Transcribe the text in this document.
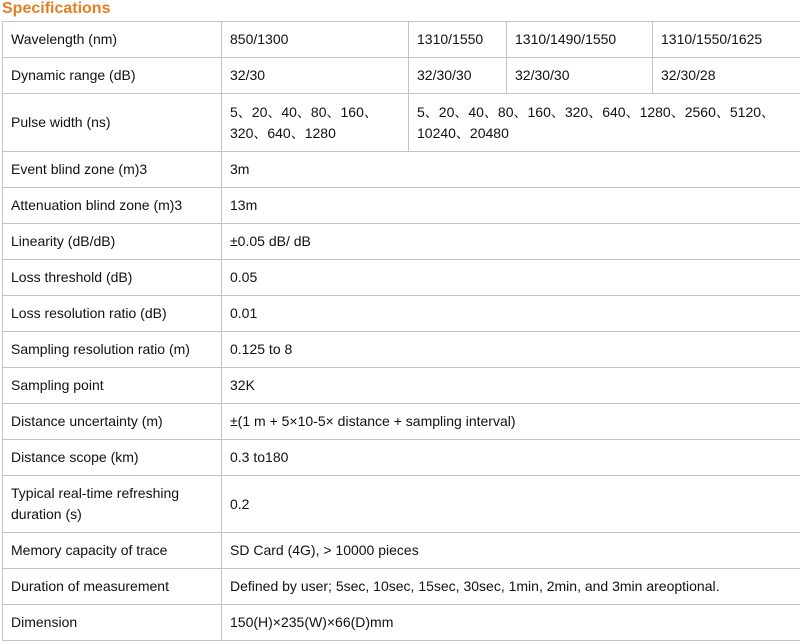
Specifications
Wavelength (nm)	850/1300	1310/1550	1310/1490/1550	1310/1550/1625
Dynamic range (dB)	32/30	32/30/30	32/30/30	32/30/28
Pulse width (ns)	5、20、40、80、160、320、640、1280	5、20、40、80、160、320、640、1280、2560、5120、10240、20480		
Event blind zone (m)3	3m			
Attenuation blind zone (m)3	13m			
Linearity (dB/dB)	±0.05 dB/ dB			
Loss threshold (dB)	0.05			
Loss resolution ratio (dB)	0.01			
Sampling resolution ratio (m)	0.125 to 8			
Sampling point	32K			
Distance uncertainty (m)	±(1 m + 5×10-5× distance + sampling interval)			
Distance scope (km)	0.3 to180			
Typical real-time refreshing duration (s)	0.2			
Memory capacity of trace	SD Card (4G), > 10000 pieces			
Duration of measurement	Defined by user; 5sec, 10sec, 15sec, 30sec, 1min, 2min, and 3min areoptional.			
Dimension	150(H)×235(W)×66(D)mm			
